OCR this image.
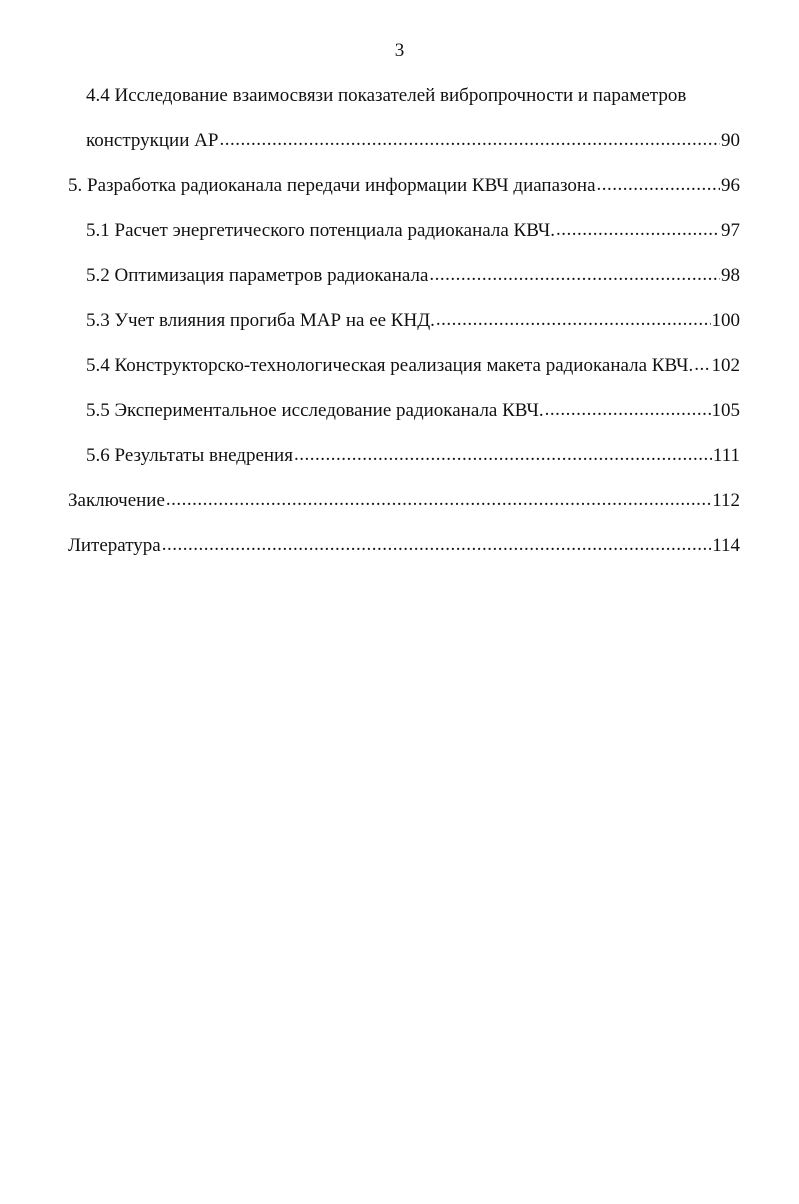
3
4.4 Исследование взаимосвязи показателей вибропрочности и параметров
конструкции АР .....	90
5. Разработка радиоканала передачи информации КВЧ диапазона .....	96
5.1 Расчет энергетического потенциала радиоканала КВЧ. .....	97
5.2 Оптимизация параметров радиоканала .....	98
5.3 Учет влияния прогиба МАР на ее КНД. .....	100
5.4 Конструкторско-технологическая реализация макета радиоканала КВЧ. ..... 102
5.5 Экспериментальное исследование радиоканала КВЧ. .....	105
5.6 Результаты внедрения .....	111
Заключение .....	112
Литература .....	114
